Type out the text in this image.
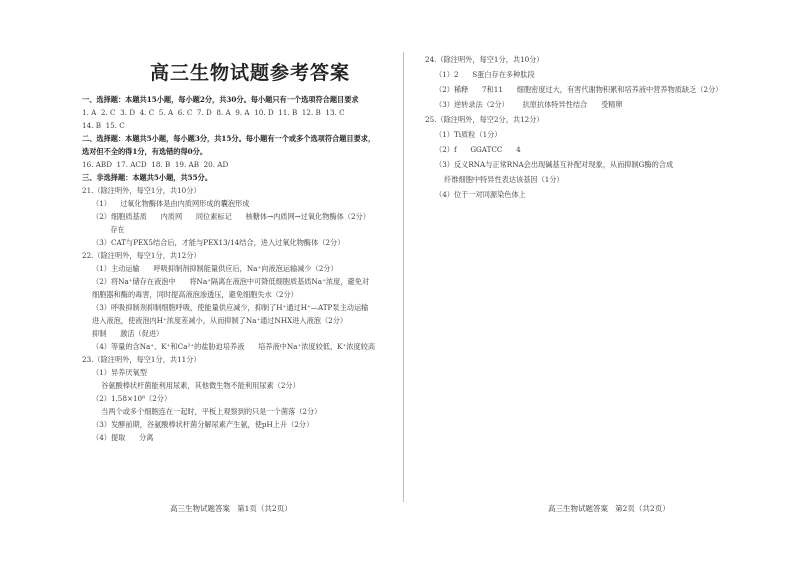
高三生物试题参考答案
一、选择题：本题共15小题，每小题2分，共30分。每小题只有一个选项符合题目要求
1. A  2. C  3. D  4. C  5. A  6. C  7. D  8. A  9. A  10. D  11. B  12. B  13. C
14. B  15. C
二、选择题：本题共5小题，每小题3分，共15分。每小题有一个或多个选项符合题目要求，
选对但不全的得1分，有选错的得0分。
16. ABD  17. ACD  18. B  19. AB  20. AD
三、非选择题：本题共5小题，共55分。
21.（除注明外，每空1分，共10分）
（1）    过氧化物酶体是由内质网形成的囊泡形成
（2）细胞质基质      内质网      同位素标记      核糖体→内质网→过氧化物酶体（2分）
存在
（3）CAT与PEX5结合后，才能与PEX13/14结合，进入过氧化物酶体（2分）
22.（除注明外，每空1分，共12分）
（1）主动运输      呼吸抑制剂抑制能量供应后，Na⁺向液泡运输减少（2分）
（2）将Na⁺储存在液泡中      将Na⁺隔离在液泡中可降低细胞质基质Na⁺浓度，避免对
细胞器和酶的毒害，同时提高液泡渗透压，避免细胞失水（2分）
（3）呼吸抑制剂抑制细胞呼吸，使能量供应减少，抑制了H⁺通过H⁺—ATP泵主动运输
进入液泡，使液泡内H⁺浓度差减小，从而抑制了Na⁺通过NHX进入液泡（2分）
抑制      激活（促进）
（4）等量的含Na⁺、K⁺和Ca²⁺的盐胁迫培养液      培养液中Na⁺浓度较低，K⁺浓度较高
23.（除注明外，每空1分，共11分）
（1）异养厌氧型
谷氨酸棒状杆菌能利用尿素，其他微生物不能利用尿素（2分）
（2）1.58×10⁸（2分）
当两个或多个细胞连在一起时，平板上观察到的只是一个菌落（2分）
（3）发酵前期，谷氨酸棒状杆菌分解尿素产生氨，使pH上升（2分）
（4）提取      分离
高三生物试题答案   第1页（共2页）
24.（除注明外，每空1分，共10分）
（1）2      S蛋白存在多种肽段
（2）稀释      7和11      细胞密度过大，有害代谢物积累和培养液中营养物质缺乏（2分）
（3）逆转录法（2分）      抗原抗体特异性结合      受精卵
25.（除注明外，每空2分，共12分）
（1）Ti质粒（1分）
（2）f      GGATCC      4
（3）反义RNA与正常RNA会出现碱基互补配对现象，从而抑制G酶的合成
纤维细胞中特异性表达该基因（1分）
（4）位于一对同源染色体上
高三生物试题答案   第2页（共2页）
